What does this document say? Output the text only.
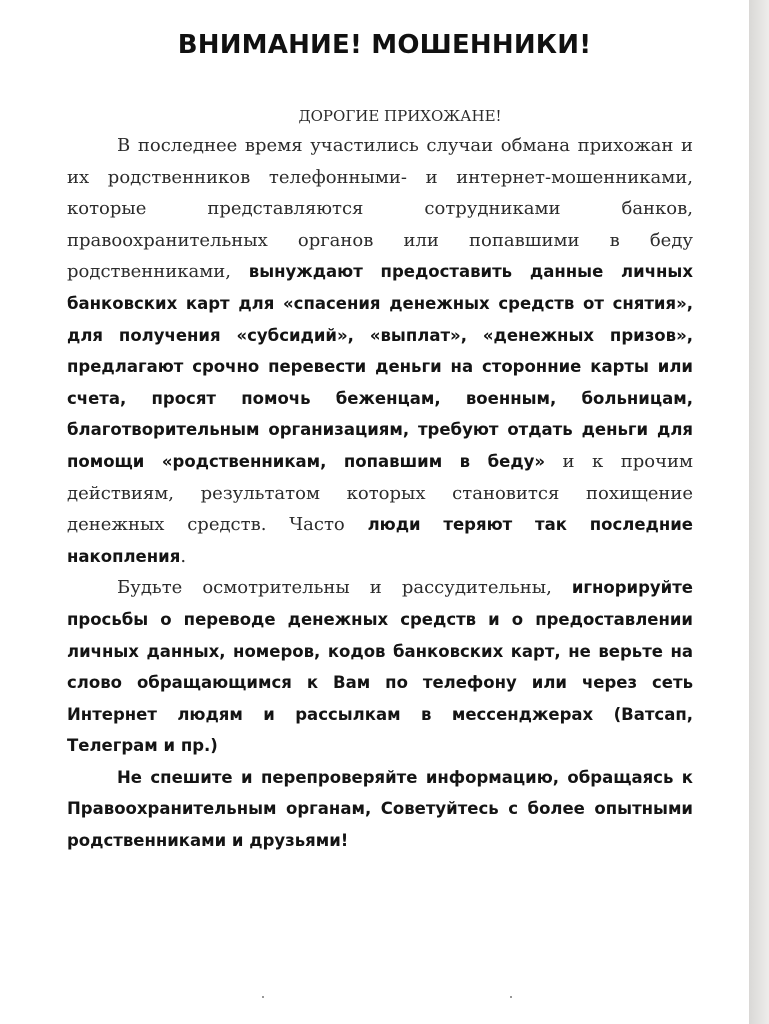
ВНИМАНИЕ! МОШЕННИКИ!

ДОРОГИЕ ПРИХОЖАНЕ!

В последнее время участились случаи обмана прихожан и их родственников телефонными- и интернет-мошенниками, которые представляются сотрудниками банков, правоохранительных органов или попавшими в беду родственниками, вынуждают предоставить данные личных банковских карт для «спасения денежных средств от снятия», для получения «субсидий», «выплат», «денежных призов», предлагают срочно перевести деньги на сторонние карты или счета, просят помочь беженцам, военным, больницам, благотворительным организациям, требуют отдать деньги для помощи «родственникам, попавшим в беду» и к прочим действиям, результатом которых становится похищение денежных средств. Часто люди теряют так последние накопления.

Будьте осмотрительны и рассудительны, игнорируйте просьбы о переводе денежных средств и о предоставлении личных данных, номеров, кодов банковских карт, не верьте на слово обращающимся к Вам по телефону или через сеть Интернет людям и рассылкам в мессенджерах (Ватсап, Телеграм и пр.)

Не спешите и перепроверяйте информацию, обращаясь к Правоохранительным органам, Советуйтесь с более опытными родственниками и друзьями!
